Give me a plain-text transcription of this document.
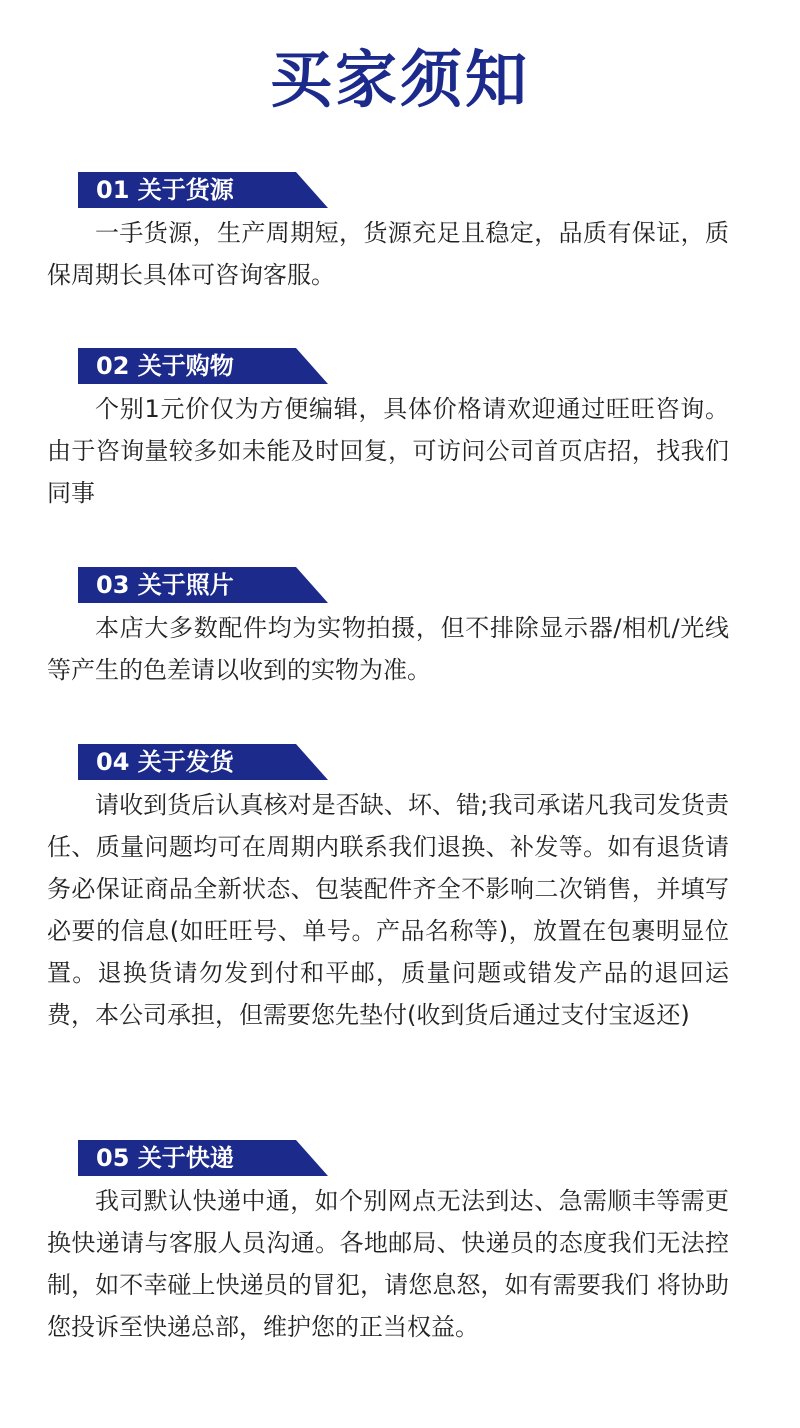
买家须知
01 关于货源

一手货源，生产周期短，货源充足且稳定，品质有保证，质保周期长具体可咨询客服。

02 关于购物

个别1元价仅为方便编辑，具体价格请欢迎通过旺旺咨询。由于咨询量较多如未能及时回复，可访问公司首页店招，找我们同事

03 关于照片

本店大多数配件均为实物拍摄，但不排除显示器/相机/光线等产生的色差请以收到的实物为准。

04 关于发货

请收到货后认真核对是否缺、坏、错;我司承诺凡我司发货责任、质量问题均可在周期内联系我们退换、补发等。如有退货请务必保证商品全新状态、包装配件齐全不影响二次销售，并填写必要的信息(如旺旺号、单号。产品名称等)，放置在包裹明显位置。退换货请勿发到付和平邮，质量问题或错发产品的退回运费，本公司承担，但需要您先垫付(收到货后通过支付宝返还)

05 关于快递

我司默认快递中通，如个别网点无法到达、急需顺丰等需更换快递请与客服人员沟通。各地邮局、快递员的态度我们无法控制，如不幸碰上快递员的冒犯，请您息怒，如有需要我们 将协助您投诉至快递总部，维护您的正当权益。
